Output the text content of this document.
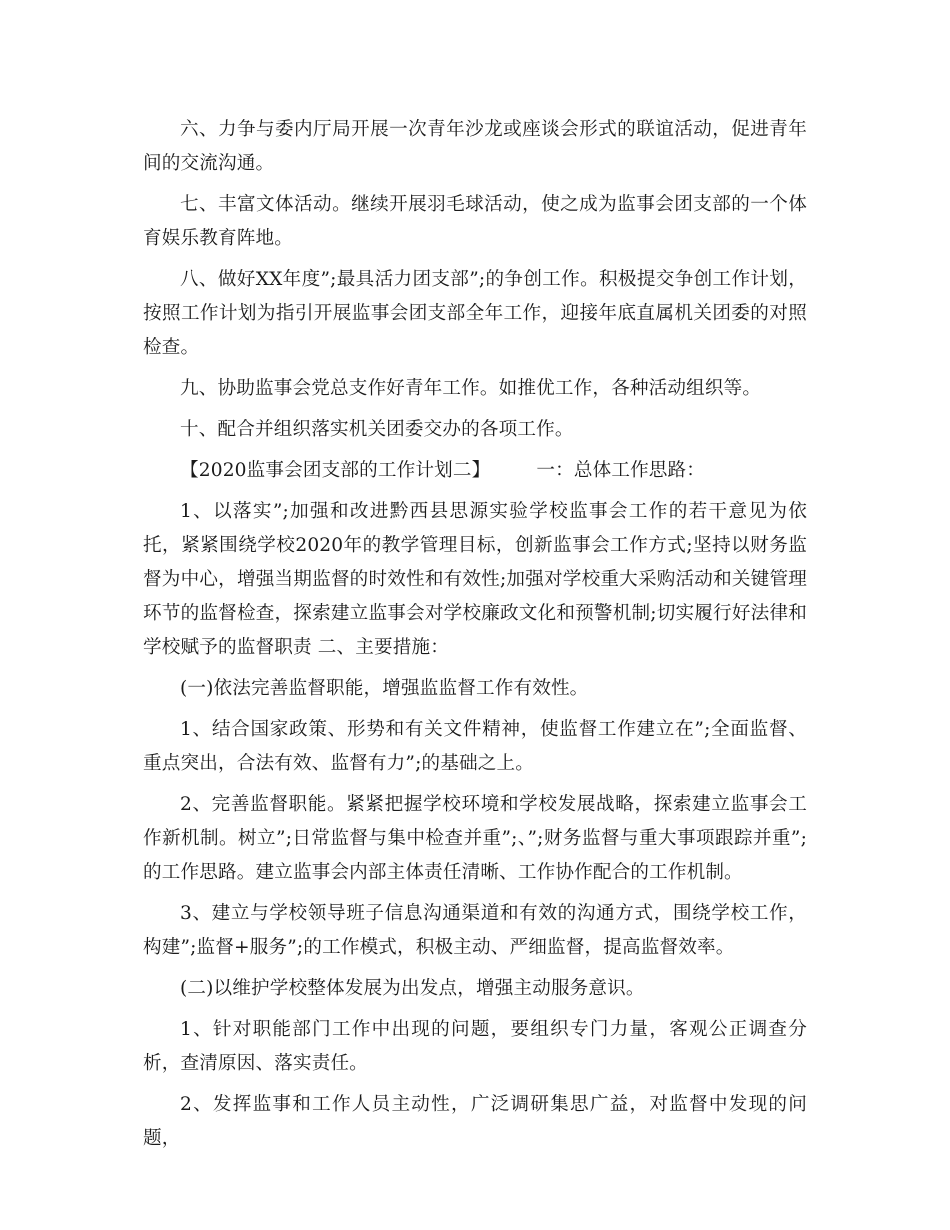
六、力争与委内厅局开展一次青年沙龙或座谈会形式的联谊活动，促进青年间的交流沟通。

七、丰富文体活动。继续开展羽毛球活动，使之成为监事会团支部的一个体育娱乐教育阵地。

八、做好XX年度”;最具活力团支部”;的争创工作。积极提交争创工作计划，按照工作计划为指引开展监事会团支部全年工作，迎接年底直属机关团委的对照检查。

九、协助监事会党总支作好青年工作。如推优工作，各种活动组织等。

十、配合并组织落实机关团委交办的各项工作。

【2020监事会团支部的工作计划二】 一：总体工作思路：

1、以落实”;加强和改进黔西县思源实验学校监事会工作的若干意见为依托，紧紧围绕学校2020年的教学管理目标，创新监事会工作方式;坚持以财务监督为中心，增强当期监督的时效性和有效性;加强对学校重大采购活动和关键管理环节的监督检查，探索建立监事会对学校廉政文化和预警机制;切实履行好法律和学校赋予的监督职责 二、主要措施：

(一)依法完善监督职能，增强监监督工作有效性。

1、结合国家政策、形势和有关文件精神，使监督工作建立在”;全面监督、重点突出，合法有效、监督有力”;的基础之上。

2、完善监督职能。紧紧把握学校环境和学校发展战略，探索建立监事会工作新机制。树立”;日常监督与集中检查并重”;、”;财务监督与重大事项跟踪并重”;的工作思路。建立监事会内部主体责任清晰、工作协作配合的工作机制。

3、建立与学校领导班子信息沟通渠道和有效的沟通方式，围绕学校工作，构建”;监督+服务”;的工作模式，积极主动、严细监督，提高监督效率。

(二)以维护学校整体发展为出发点，增强主动服务意识。

1、针对职能部门工作中出现的问题，要组织专门力量，客观公正调查分析，查清原因、落实责任。

2、发挥监事和工作人员主动性，广泛调研集思广益，对监督中发现的问题，
